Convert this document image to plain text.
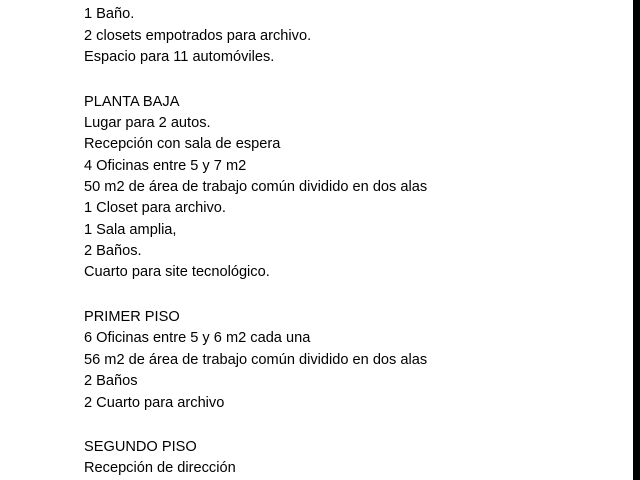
1 Baño.
2 closets empotrados para archivo.
Espacio para 11 automóviles.
PLANTA BAJA
Lugar para 2 autos.
Recepción con sala de espera
4 Oficinas entre 5 y 7 m2
50 m2 de área de trabajo común dividido en dos alas
1 Closet para archivo.
1 Sala amplia,
2 Baños.
Cuarto para site tecnológico.
PRIMER PISO
6 Oficinas entre 5 y 6 m2 cada una
56 m2 de área de trabajo común dividido en dos alas
2 Baños
2 Cuarto para archivo
SEGUNDO PISO
Recepción de dirección
